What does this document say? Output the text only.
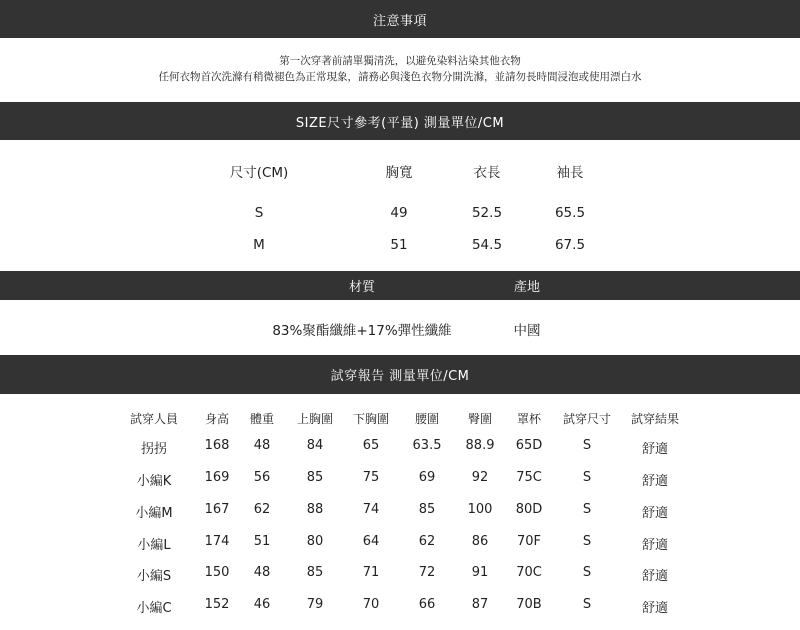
注意事項
第一次穿著前請單獨清洗，以避免染料沾染其他衣物
任何衣物首次洗滌有稍微褪色為正常現象，請務必與淺色衣物分開洗滌，並請勿長時間浸泡或使用漂白水
SIZE尺寸參考(平量) 測量單位/CM
尺寸(CM)	胸寬	衣長	袖長
S	49	52.5	65.5
M	51	54.5	67.5
材質	產地
83%聚酯纖維+17%彈性纖維	中國
試穿報告 測量單位/CM
試穿人員 身高 體重 上胸圍 下胸圍 腰圍 臀圍 罩杯 試穿尺寸 試穿結果
拐拐	168 48	84	65	63.5 88.9 65D	S	舒適
小編K	169 56	85	75	69	92 75C	S	舒適
小編M 167 62	88	74	85 100 80D	S	舒適
小編L	174 51	80	64	62	86 70F	S	舒適
小編S	150 48	85	71	72	91 70C	S	舒適
小編C	152 46	79	70	66	87 70B	S	舒適
